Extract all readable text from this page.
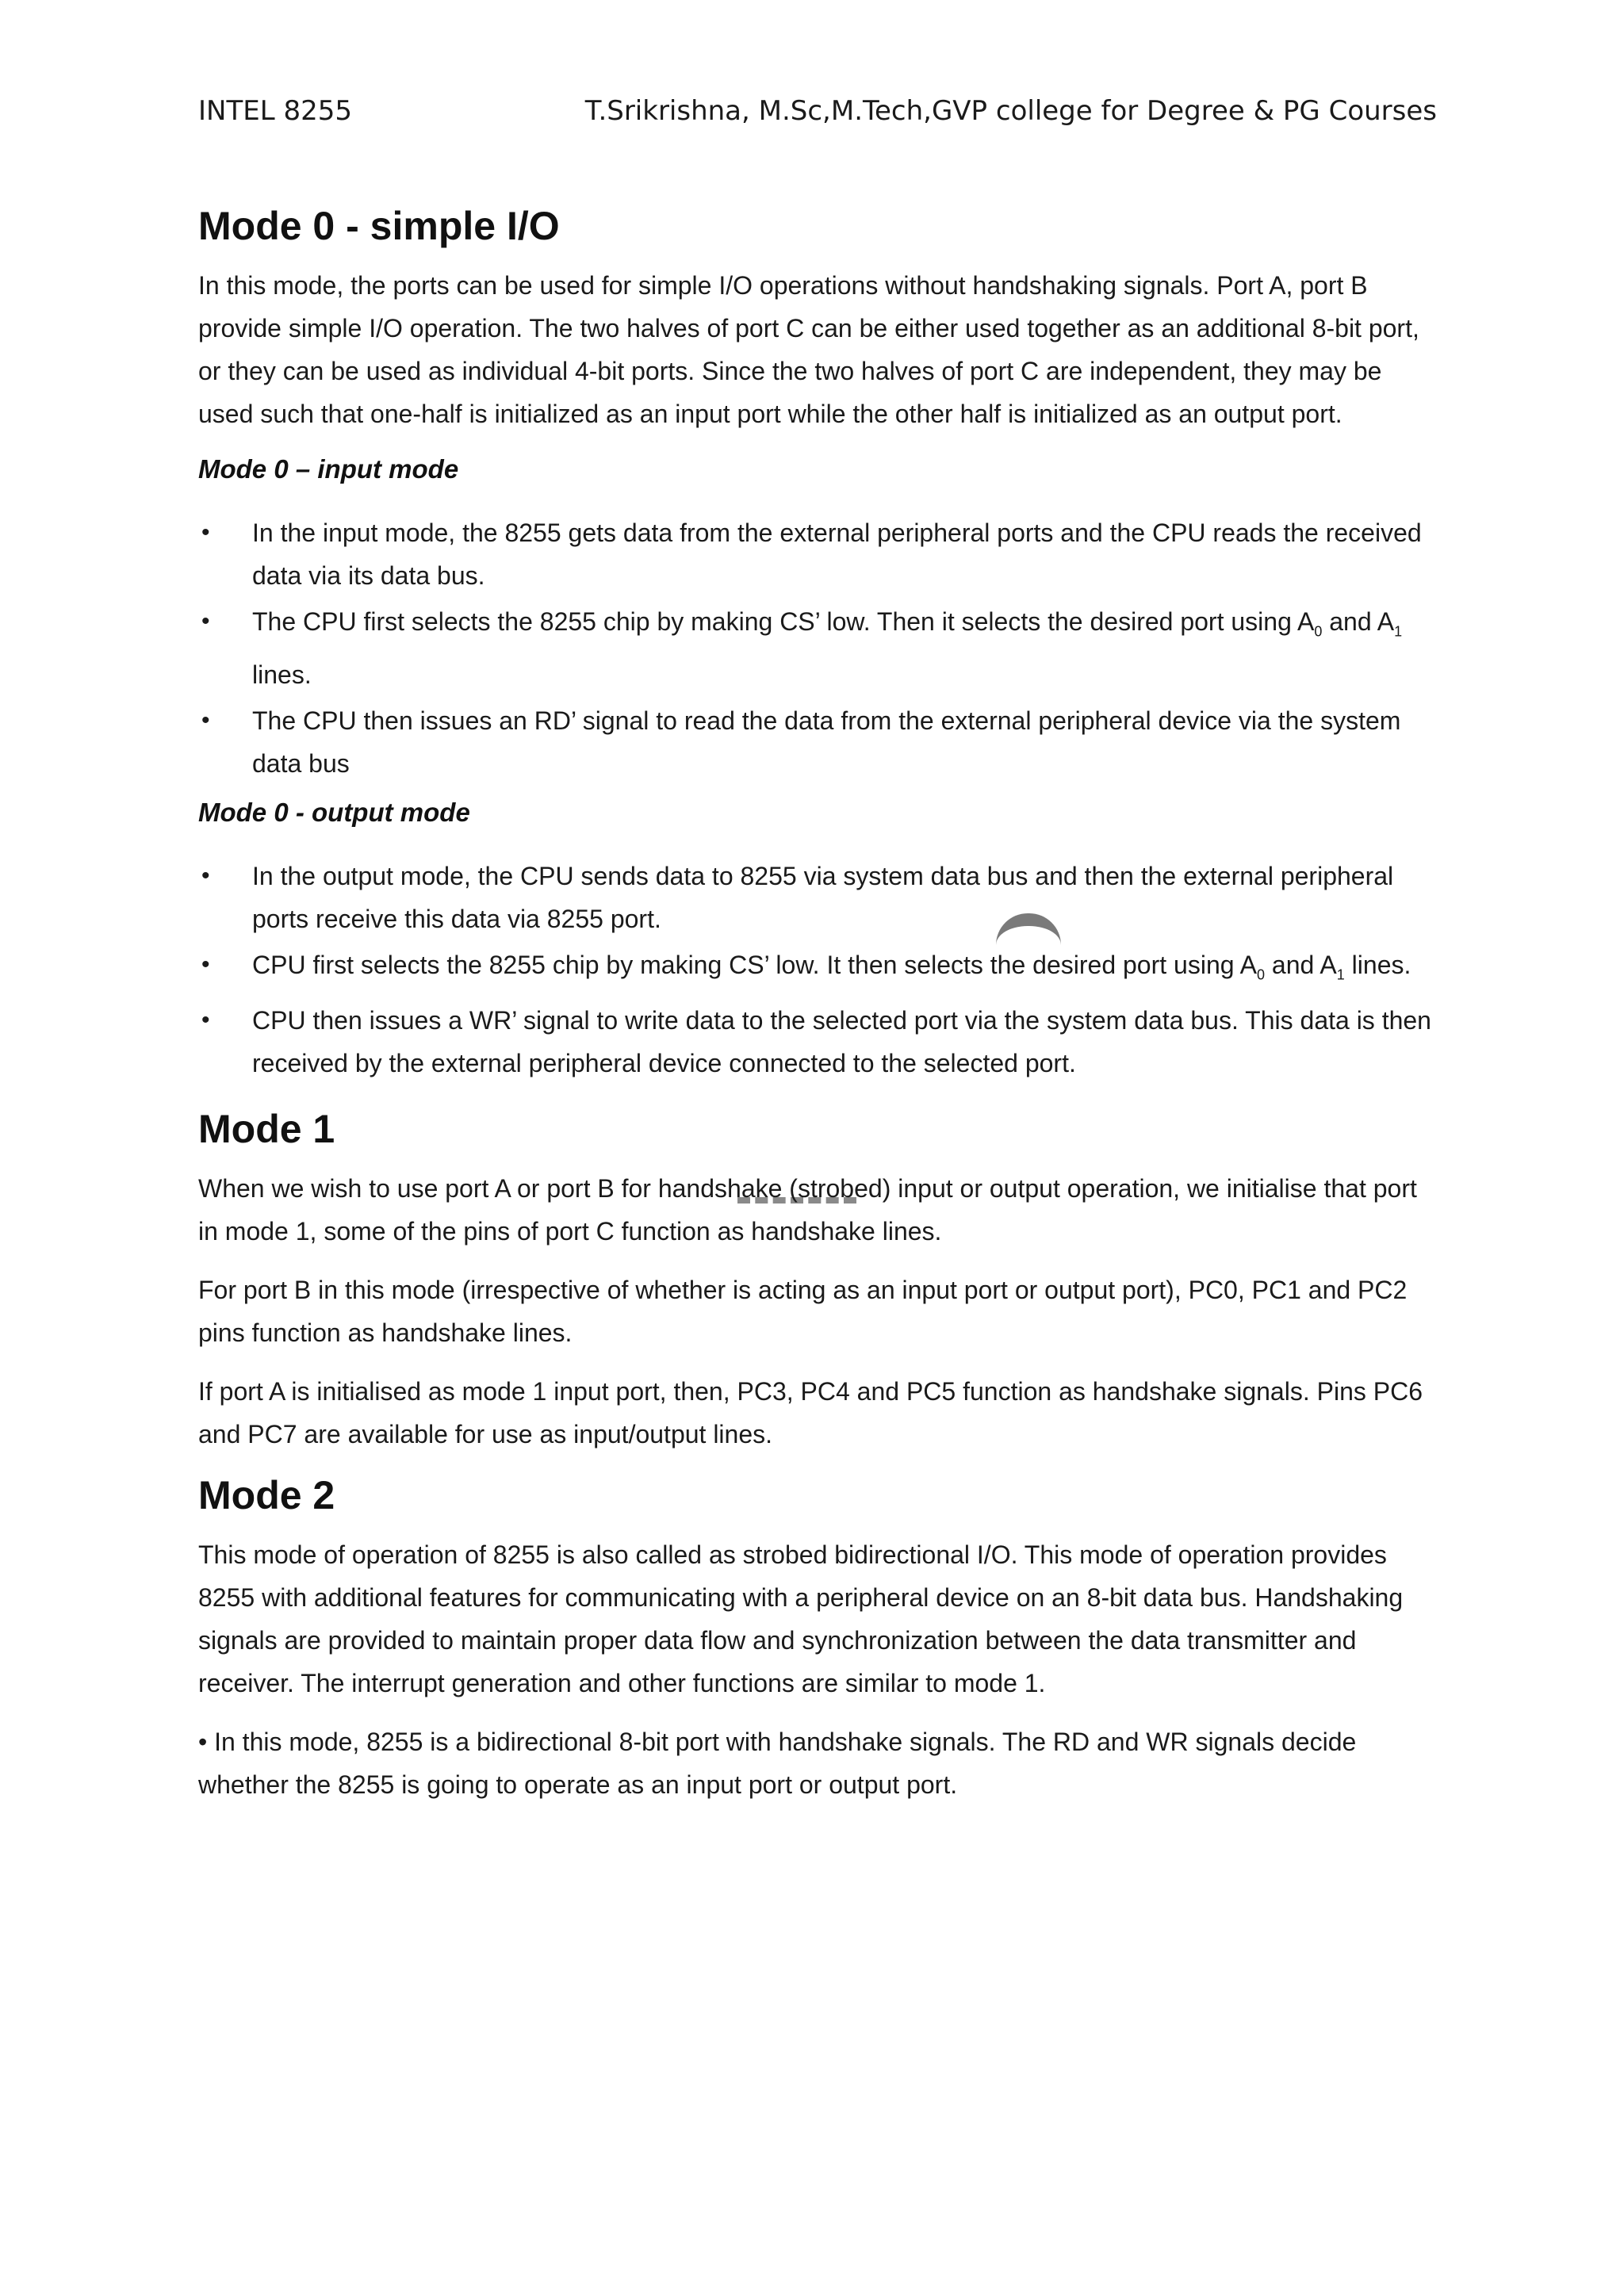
INTEL 8255	T.Srikrishna, M.Sc,M.Tech,GVP college for Degree & PG Courses
Mode 0 - simple I/O

In this mode, the ports can be used for simple I/O operations without handshaking signals. Port A, port B provide simple I/O operation. The two halves of port C can be either used together as an additional 8-bit port, or they can be used as individual 4-bit ports. Since the two halves of port C are independent, they may be used such that one-half is initialized as an input port while the other half is initialized as an output port.

Mode 0 – input mode
• In the input mode, the 8255 gets data from the external peripheral ports and the CPU reads the received data via its data bus.
• The CPU first selects the 8255 chip by making CS’ low. Then it selects the desired port using $A_0$ and $A_1$ lines.
• The CPU then issues an RD’ signal to read the data from the external peripheral device via the system data bus
Mode 0 - output mode
• In the output mode, the CPU sends data to 8255 via system data bus and then the external peripheral ports receive this data via 8255 port.
• CPU first selects the 8255 chip by making CS’ low. It then selects the desired port using $A_0$ and $A_1$ lines.
• CPU then issues a WR’ signal to write data to the selected port via the system data bus. This data is then received by the external peripheral device connected to the selected port.
Mode 1

When we wish to use port A or port B for handshake (strobed) input or output operation, we initialise that port in mode 1, some of the pins of port C function as handshake lines.

For port B in this mode (irrespective of whether is acting as an input port or output port), PC0, PC1 and PC2 pins function as handshake lines.

If port A is initialised as mode 1 input port, then, PC3, PC4 and PC5 function as handshake signals. Pins PC6 and PC7 are available for use as input/output lines.

Mode 2

This mode of operation of 8255 is also called as strobed bidirectional I/O. This mode of operation provides 8255 with additional features for communicating with a peripheral device on an 8-bit data bus. Handshaking signals are provided to maintain proper data flow and synchronization between the data transmitter and receiver. The interrupt generation and other functions are similar to mode 1.

• In this mode, 8255 is a bidirectional 8-bit port with handshake signals. The RD and WR signals decide whether the 8255 is going to operate as an input port or output port.
